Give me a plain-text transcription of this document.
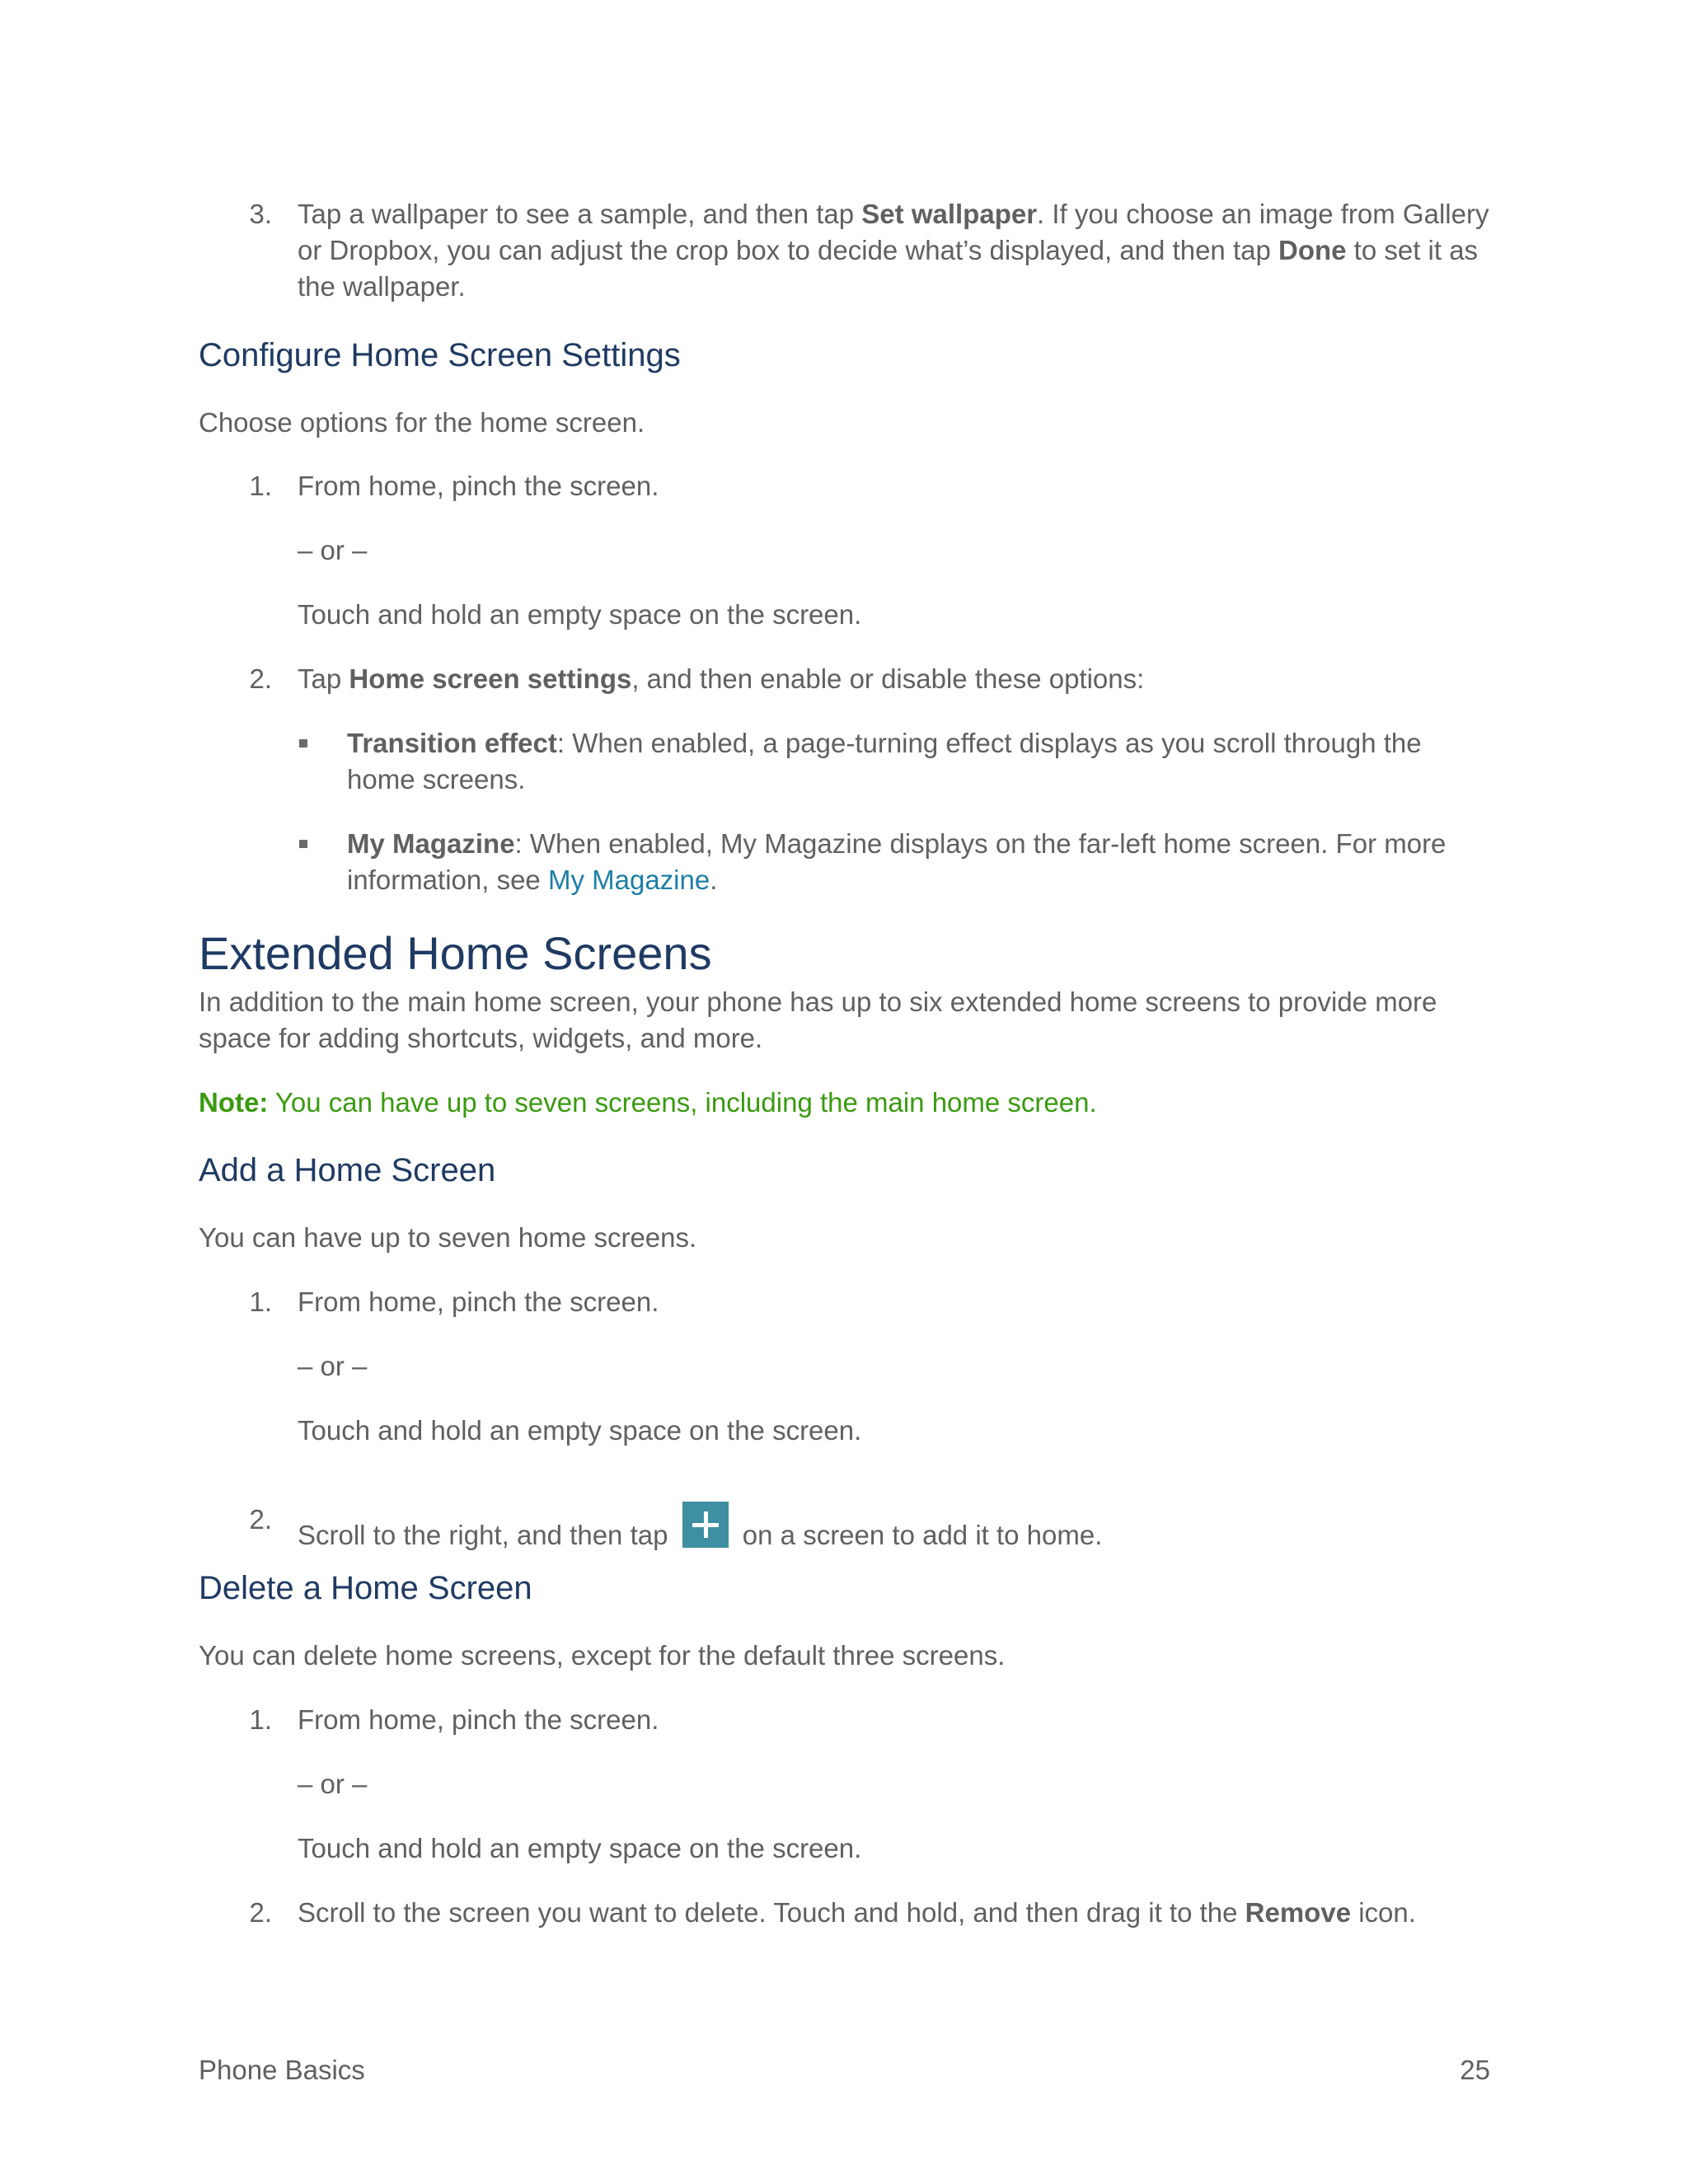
3. Tap a wallpaper to see a sample, and then tap Set wallpaper. If you choose an image from Gallery or Dropbox, you can adjust the crop box to decide what’s displayed, and then tap Done to set it as the wallpaper.

Configure Home Screen Settings

Choose options for the home screen.

1. From home, pinch the screen.

– or –

Touch and hold an empty space on the screen.

2. Tap Home screen settings, and then enable or disable these options:

Transition effect: When enabled, a page-turning effect displays as you scroll through the home screens.

My Magazine: When enabled, My Magazine displays on the far-left home screen. For more information, see My Magazine.

Extended Home Screens

In addition to the main home screen, your phone has up to six extended home screens to provide more space for adding shortcuts, widgets, and more.

Note: You can have up to seven screens, including the main home screen.

Add a Home Screen

You can have up to seven home screens.

1. From home, pinch the screen.

– or –

Touch and hold an empty space on the screen.

2.

Scroll to the right, and then tap  on a screen to add it to home.

Delete a Home Screen

You can delete home screens, except for the default three screens.

1. From home, pinch the screen.

– or –

Touch and hold an empty space on the screen.

2. Scroll to the screen you want to delete. Touch and hold, and then drag it to the Remove icon.

Phone Basics	25
